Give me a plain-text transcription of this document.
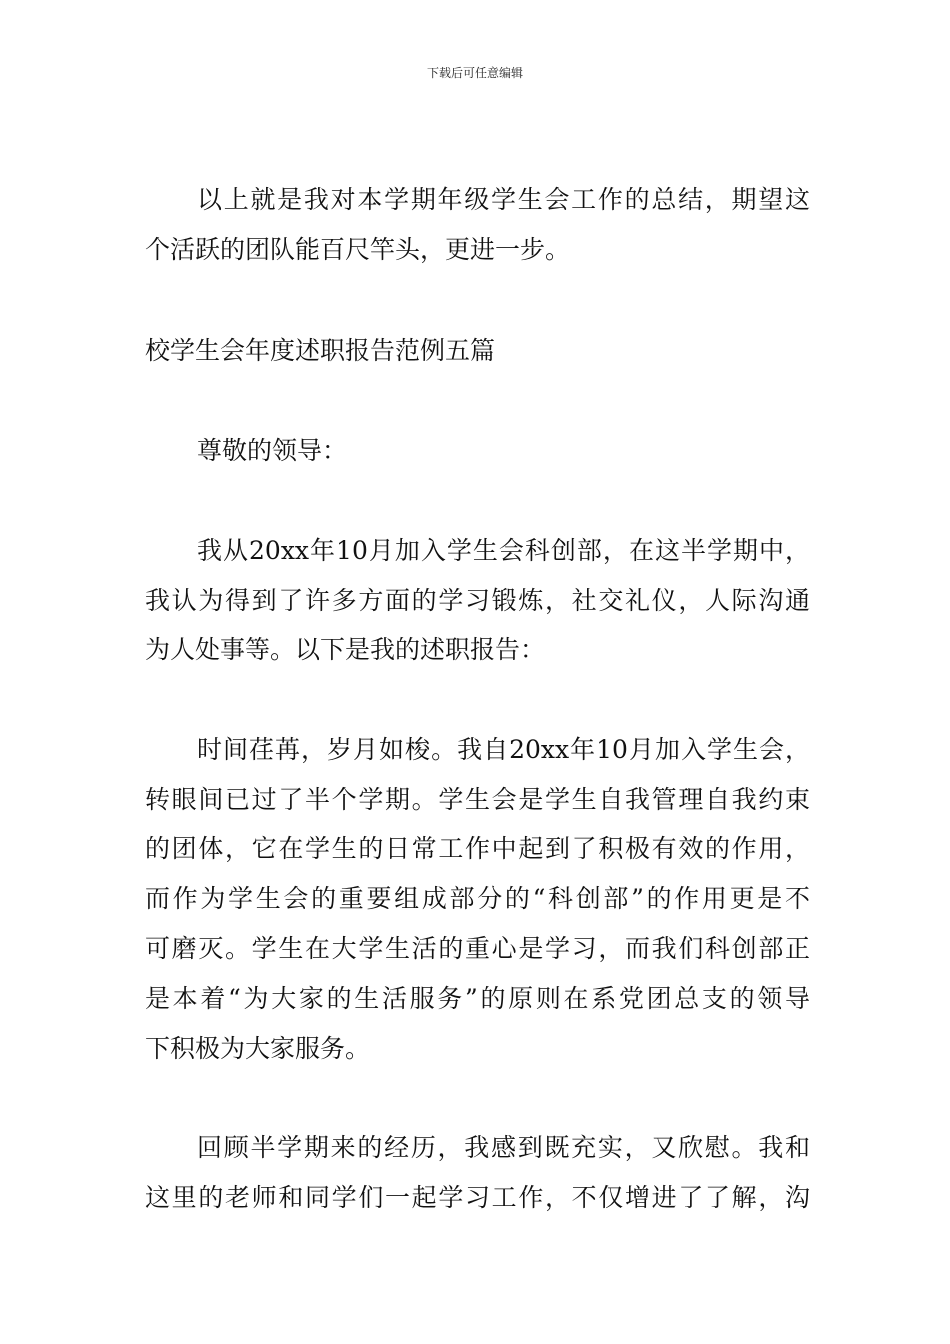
下载后可任意编辑
以上就是我对本学期年级学生会工作的总结，期望这
个活跃的团队能百尺竿头，更进一步。
校学生会年度述职报告范例五篇
尊敬的领导：
我从20xx年10月加入学生会科创部，在这半学期中，
我认为得到了许多方面的学习锻炼，社交礼仪，人际沟通
为人处事等。以下是我的述职报告：
时间荏苒，岁月如梭。我自20xx年10月加入学生会，
转眼间已过了半个学期。学生会是学生自我管理自我约束
的团体，它在学生的日常工作中起到了积极有效的作用，
而作为学生会的重要组成部分的“科创部”的作用更是不
可磨灭。学生在大学生活的重心是学习，而我们科创部正
是本着“为大家的生活服务”的原则在系党团总支的领导
下积极为大家服务。
回顾半学期来的经历，我感到既充实，又欣慰。我和
这里的老师和同学们一起学习工作，不仅增进了了解，沟
